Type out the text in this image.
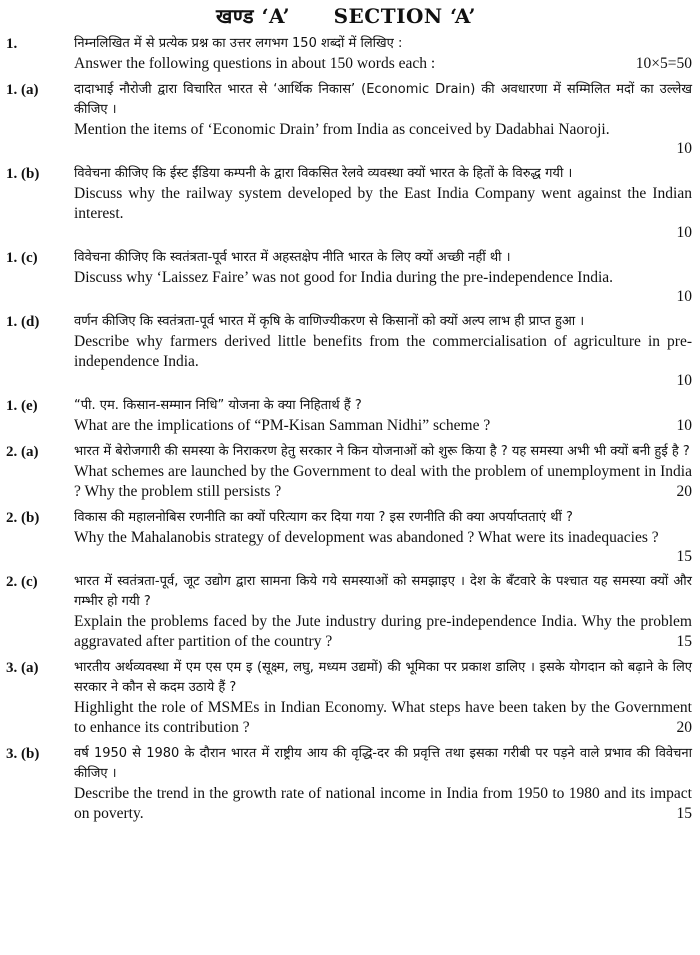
खण्ड ‘A’ SECTION ‘A’
1.	निम्नलिखित में से प्रत्येक प्रश्न का उत्तर लगभग 150 शब्दों में लिखिए :
Answer the following questions in about 150 words each :	10×5=50
1. (a)	दादाभाई नौरोजी द्वारा विचारित भारत से ‘आर्थिक निकास’ (Economic Drain) की अवधारणा में सम्मिलित मदों का उल्लेख कीजिए ।
Mention the items of ‘Economic Drain’ from India as conceived by Dadabhai Naoroji.
10
1. (b)	विवेचना कीजिए कि ईस्ट ईंडिया कम्पनी के द्वारा विकसित रेलवे व्यवस्था क्यों भारत के हितों के विरुद्ध गयी ।
Discuss why the railway system developed by the East India Company went against the Indian interest.
10
1. (c)	विवेचना कीजिए कि स्वतंत्रता-पूर्व भारत में अहस्तक्षेप नीति भारत के लिए क्यों अच्छी नहीं थी ।
Discuss why ‘Laissez Faire’ was not good for India during the pre-independence India.
10
1. (d)	वर्णन कीजिए कि स्वतंत्रता-पूर्व भारत में कृषि के वाणिज्यीकरण से किसानों को क्यों अल्प लाभ ही प्राप्त हुआ ।
Describe why farmers derived little benefits from the commercialisation of agriculture in pre-independence India.
10
1. (e)	“पी. एम. किसान-सम्मान निधि” योजना के क्या निहितार्थ हैं ?
What are the implications of “PM-Kisan Samman Nidhi” scheme ?	10
2. (a)	भारत में बेरोजगारी की समस्या के निराकरण हेतु सरकार ने किन योजनाओं को शुरू किया है ? यह समस्या अभी भी क्यों बनी हुई है ?
What schemes are launched by the Government to deal with the problem of unemployment in India ? Why the problem still persists ?	20
2. (b)	विकास की महालनोबिस रणनीति का क्यों परित्याग कर दिया गया ? इस रणनीति की क्या अपर्याप्तताएं थीं ?
Why the Mahalanobis strategy of development was abandoned ? What were its inadequacies ?
15
2. (c)	भारत में स्वतंत्रता-पूर्व, जूट उद्योग द्वारा सामना किये गये समस्याओं को समझाइए । देश के बँटवारे के पश्चात यह समस्या क्यों और गम्भीर हो गयी ?
Explain the problems faced by the Jute industry during pre-independence India. Why the problem aggravated after partition of the country ?	15
3. (a)	भारतीय अर्थव्यवस्था में एम एस एम इ (सूक्ष्म, लघु, मध्यम उद्यमों) की भूमिका पर प्रकाश डालिए । इसके योगदान को बढ़ाने के लिए सरकार ने कौन से कदम उठाये हैं ?
Highlight the role of MSMEs in Indian Economy. What steps have been taken by the Government to enhance its contribution ?	20
3. (b)	वर्ष 1950 से 1980 के दौरान भारत में राष्ट्रीय आय की वृद्धि-दर की प्रवृत्ति तथा इसका गरीबी पर पड़ने वाले प्रभाव की विवेचना कीजिए ।
Describe the trend in the growth rate of national income in India from 1950 to 1980 and its impact on poverty.	15
